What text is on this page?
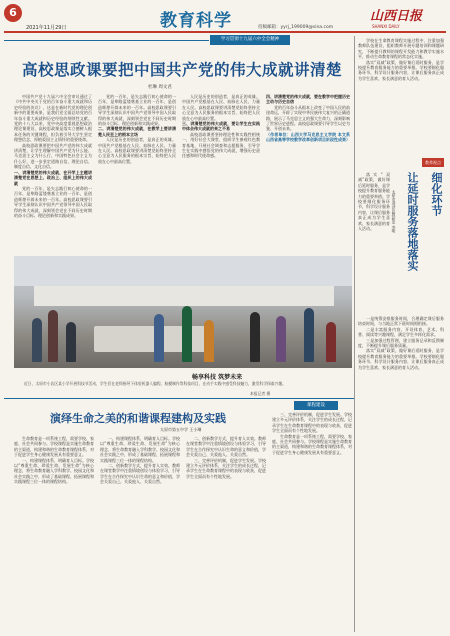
6
2021年11月29日	教育科学	投稿邮箱：yyrj_199009@sina.com
山西日报
SHANXI DAILY
学习贯彻十九届六中全会精神
高校思政课要把中国共产党的伟大成就讲清楚
杜琳 周文君

中国共产党十九届六中全会审议通过了《中共中央关于党的百年奋斗重大成就和历史经验的决议》，这是在新时代党的理论创新中的重要成果，是我们党全面总结党的百年奋斗重大成就和历史经验的纲领性文献。党的十八大以来，党中央高度重视思想政治理论课建设，高校思政课是落实立德树人根本任务的关键课程，担负着引导大学生坚定理想信念、厚植爱国主义情怀的重要使命。

高校思政课要把中国共产党的伟大成就讲清楚，让学生理解中国共产党为什么能、马克思主义为什么行、中国特色社会主义为什么好，进一步坚定道路自信、理论自信、制度自信、文化自信。

一、讲清楚党的伟大成就，在开学上主题讲清楚党在思想上、政治上、组织上的伟大成就

党的一百年，是矢志践行初心使命的一百年，是筚路蓝缕奠基立业的一百年，是创造辉煌开辟未来的一百年。高校思政课要引导学生深刻认识中国共产党领导中国人民取得的伟大成就，深刻领会党在不同历史时期的奋斗目标、理论创新和实践成果。

党的一百年，是矢志践行初心使命的一百年，是筚路蓝缕奠基立业的一百年，是创造辉煌开辟未来的一百年。高校思政课要引导学生深刻认识中国共产党领导中国人民取得的伟大成就，深刻领会党在不同历史时期的奋斗目标、理论创新和实践成果。

二、讲清楚党的伟大成就，在教学上要讲清楚人民至上的根本立场

人民是历史的创造者，是真正的英雄。中国共产党根基在人民、血脉在人民、力量在人民。高校思政课要讲清楚党始终坚持全心全意为人民服务的根本宗旨，始终把人民放在心中最高位置。

人民是历史的创造者，是真正的英雄。中国共产党根基在人民、血脉在人民、力量在人民。高校思政课要讲清楚党始终坚持全心全意为人民服务的根本宗旨，始终把人民放在心中最高位置。

三、讲清楚党的伟大成就，要让学生在实践中体会伟大成就的来之不易

高校思政课要坚持理论性和实践性相统一，用好社会大课堂，组织学生参观红色教育基地，开展社会调查和志愿服务，引导学生在实践中感悟党的伟大成就，增强历史责任感和时代使命感。

四、讲清楚党的伟大成就，要在教学中把握历史主动与历史自信

党的百年奋斗从根本上改变了中国人民的前途命运，开辟了实现中华民族伟大复兴的正确道路，展示了马克思主义的强大生命力，深刻影响了世界历史进程。高校思政课要引导学生以史为鉴、开创未来。

（作者单位：山西大学马克思主义学院 本文系山西省高等学校教学改革创新项目阶段性成果）

畅享科技 筑梦未来
近日，太原市小店区某小学开展科技节活动，学生们在老师指导下体验机器人编程、航模制作等科技项目，在动手实践中感受科技魅力，激发科学探索兴趣。
本报记者 摄
课程建设
演绎生命之美的和谐课程建构及实践
太原市第五中学 王小琳

生命教育是一项系统工程，需要学校、家庭、社会共同参与。学校课程是实施生命教育的主渠道，构建和谐的生命教育课程体系，对于促进学生身心健康发展具有重要意义。

一、构建课程体系，明确育人目标。学校以“尊重生命、珍爱生命、发展生命”为核心理念，将生命教育融入学科教学、校园文化和社会实践之中，形成了基础课程、拓展课程和实践课程三位一体的课程结构。

一、构建课程体系，明确育人目标。学校以“尊重生命、珍爱生命、发展生命”为核心理念，将生命教育融入学科教学、校园文化和社会实践之中，形成了基础课程、拓展课程和实践课程三位一体的课程结构。

二、创新教学方式，提升育人实效。教师在课堂教学中注重情境创设与体验学习，引导学生在合作探究中认识生命的意义和价值，学会关爱自己、关爱他人、关爱自然。

二、创新教学方式，提升育人实效。教师在课堂教学中注重情境创设与体验学习，引导学生在合作探究中认识生命的意义和价值，学会关爱自己、关爱他人、关爱自然。

三、完善评价机制，促进学生发展。学校建立多元评价体系，关注学生的成长过程，记录学生在生命教育课程中的表现与收获，促进学生全面而有个性地发展。

三、完善评价机制，促进学生发展。学校建立多元评价体系，关注学生的成长过程，记录学生在生命教育课程中的表现与收获，促进学生全面而有个性地发展。

生命教育是一项系统工程，需要学校、家庭、社会共同参与。学校课程是实施生命教育的主渠道，构建和谐的生命教育课程体系，对于促进学生身心健康发展具有重要意义。

学校在生命教育课程实施过程中，注重加强教师队伍建设，组织教师开展专题培训和课题研究，不断提升教师的课程开发能力和教学实施水平，推动生命教育课程的常态化实施。

落实“双减”政策，做好课后延时服务，是学校提升教育服务能力的重要举措。学校要细化服务环节，科学设计服务内容，让课后服务真正成为学生喜欢、家长满意的育人活动。

教养视点
细化环节
让延时服务落地落实
太原市迎泽区教研室 李明

落实“双减”政策，做好课后延时服务，是学校提升教育服务能力的重要举措。学校要细化服务环节，科学设计服务内容，让课后服务真正成为学生喜欢、家长满意的育人活动。

一是统筹安排服务时间，合理确定课后服务结束时间，与当地正常下班时间相衔接。

二是丰富服务内容，开设体育、艺术、科普、阅读等兴趣课程，满足学生多样化需求。

三是加强过程管理，建立服务记录和反馈制度，不断提升课后服务质量。

落实“双减”政策，做好课后延时服务，是学校提升教育服务能力的重要举措。学校要细化服务环节，科学设计服务内容，让课后服务真正成为学生喜欢、家长满意的育人活动。
